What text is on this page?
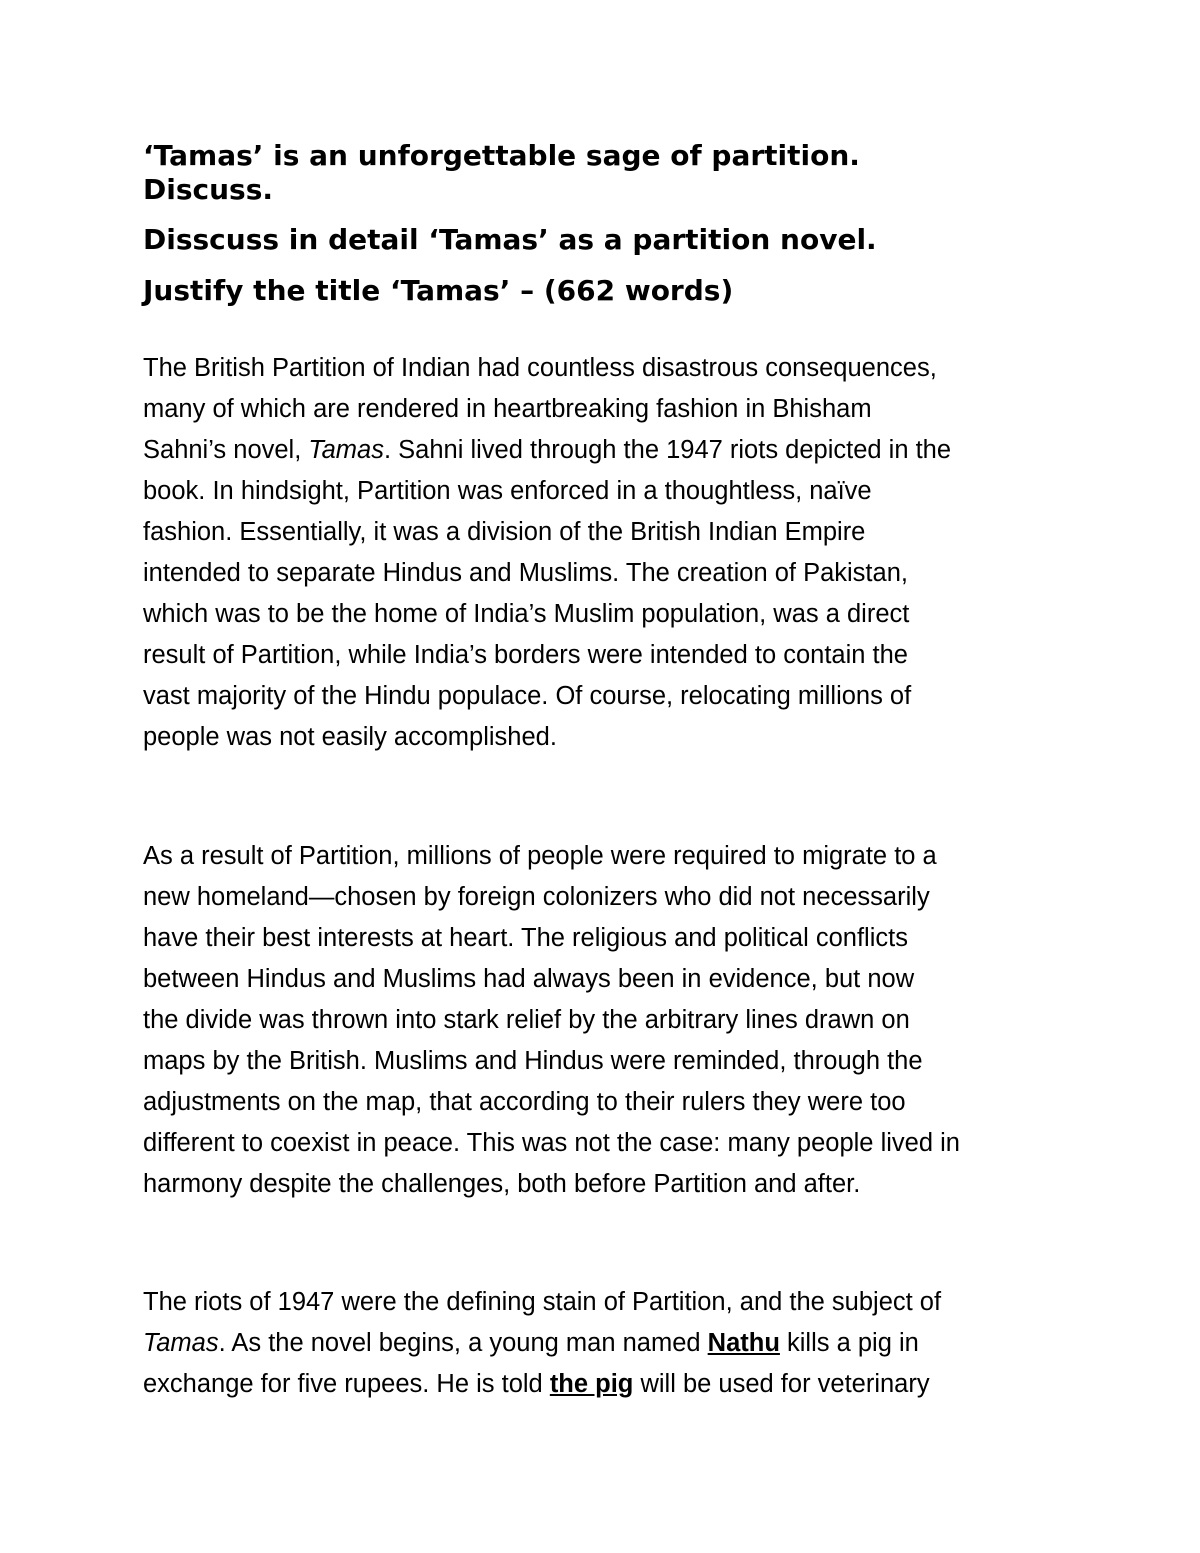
‘Tamas’ is an unforgettable sage of partition.
Discuss.

Disscuss in detail ‘Tamas’ as a partition novel.

Justify the title ‘Tamas’ – (662 words)

The British Partition of Indian had countless disastrous consequences,
many of which are rendered in heartbreaking fashion in Bhisham
Sahni’s novel, Tamas. Sahni lived through the 1947 riots depicted in the
book. In hindsight, Partition was enforced in a thoughtless, naïve
fashion. Essentially, it was a division of the British Indian Empire
intended to separate Hindus and Muslims. The creation of Pakistan,
which was to be the home of India’s Muslim population, was a direct
result of Partition, while India’s borders were intended to contain the
vast majority of the Hindu populace. Of course, relocating millions of
people was not easily accomplished.

As a result of Partition, millions of people were required to migrate to a
new homeland—chosen by foreign colonizers who did not necessarily
have their best interests at heart. The religious and political conflicts
between Hindus and Muslims had always been in evidence, but now
the divide was thrown into stark relief by the arbitrary lines drawn on
maps by the British. Muslims and Hindus were reminded, through the
adjustments on the map, that according to their rulers they were too
different to coexist in peace. This was not the case: many people lived in
harmony despite the challenges, both before Partition and after.

The riots of 1947 were the defining stain of Partition, and the subject of
Tamas. As the novel begins, a young man named Nathu kills a pig in
exchange for five rupees. He is told the pig will be used for veterinary
